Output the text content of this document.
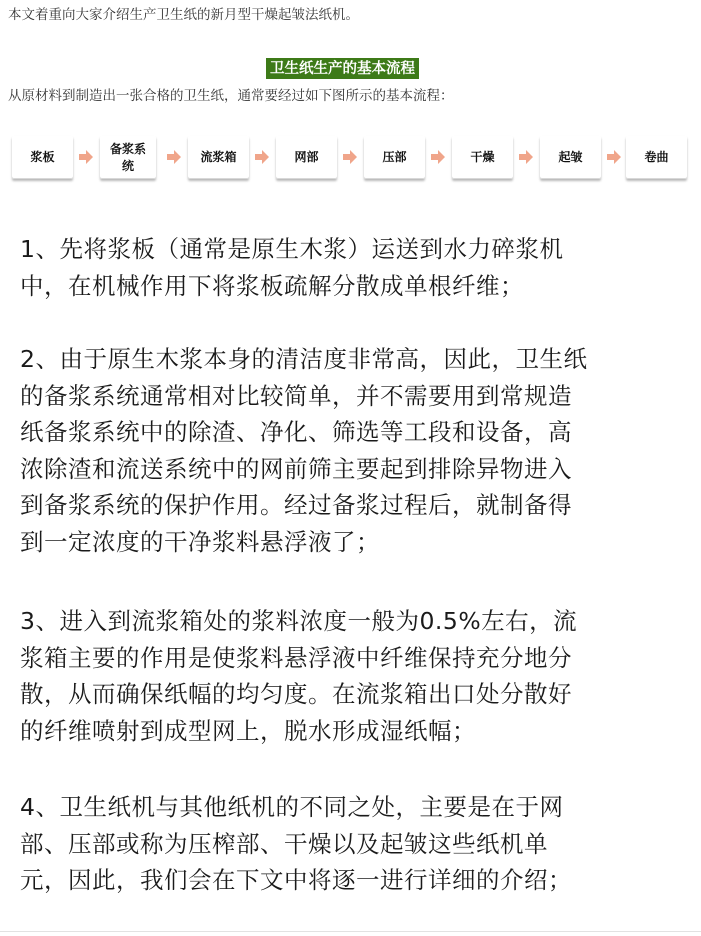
本文着重向大家介绍生产卫生纸的新月型干燥起皱法纸机。
卫生纸生产的基本流程
从原材料到制造出一张合格的卫生纸，通常要经过如下图所示的基本流程：
浆板
备浆系统
流浆箱	网部	压部	干燥	起皱	卷曲
1、先将浆板（通常是原生木浆）运送到水力碎浆机中，在机械作用下将浆板疏解分散成单根纤维；
2、由于原生木浆本身的清洁度非常高，因此，卫生纸的备浆系统通常相对比较简单，并不需要用到常规造纸备浆系统中的除渣、净化、筛选等工段和设备，高浓除渣和流送系统中的网前筛主要起到排除异物进入到备浆系统的保护作用。经过备浆过程后，就制备得到一定浓度的干净浆料悬浮液了；
3、进入到流浆箱处的浆料浓度一般为0.5%左右，流浆箱主要的作用是使浆料悬浮液中纤维保持充分地分散，从而确保纸幅的均匀度。在流浆箱出口处分散好的纤维喷射到成型网上，脱水形成湿纸幅；
4、卫生纸机与其他纸机的不同之处，主要是在于网部、压部或称为压榨部、干燥以及起皱这些纸机单元，因此，我们会在下文中将逐一进行详细的介绍；
